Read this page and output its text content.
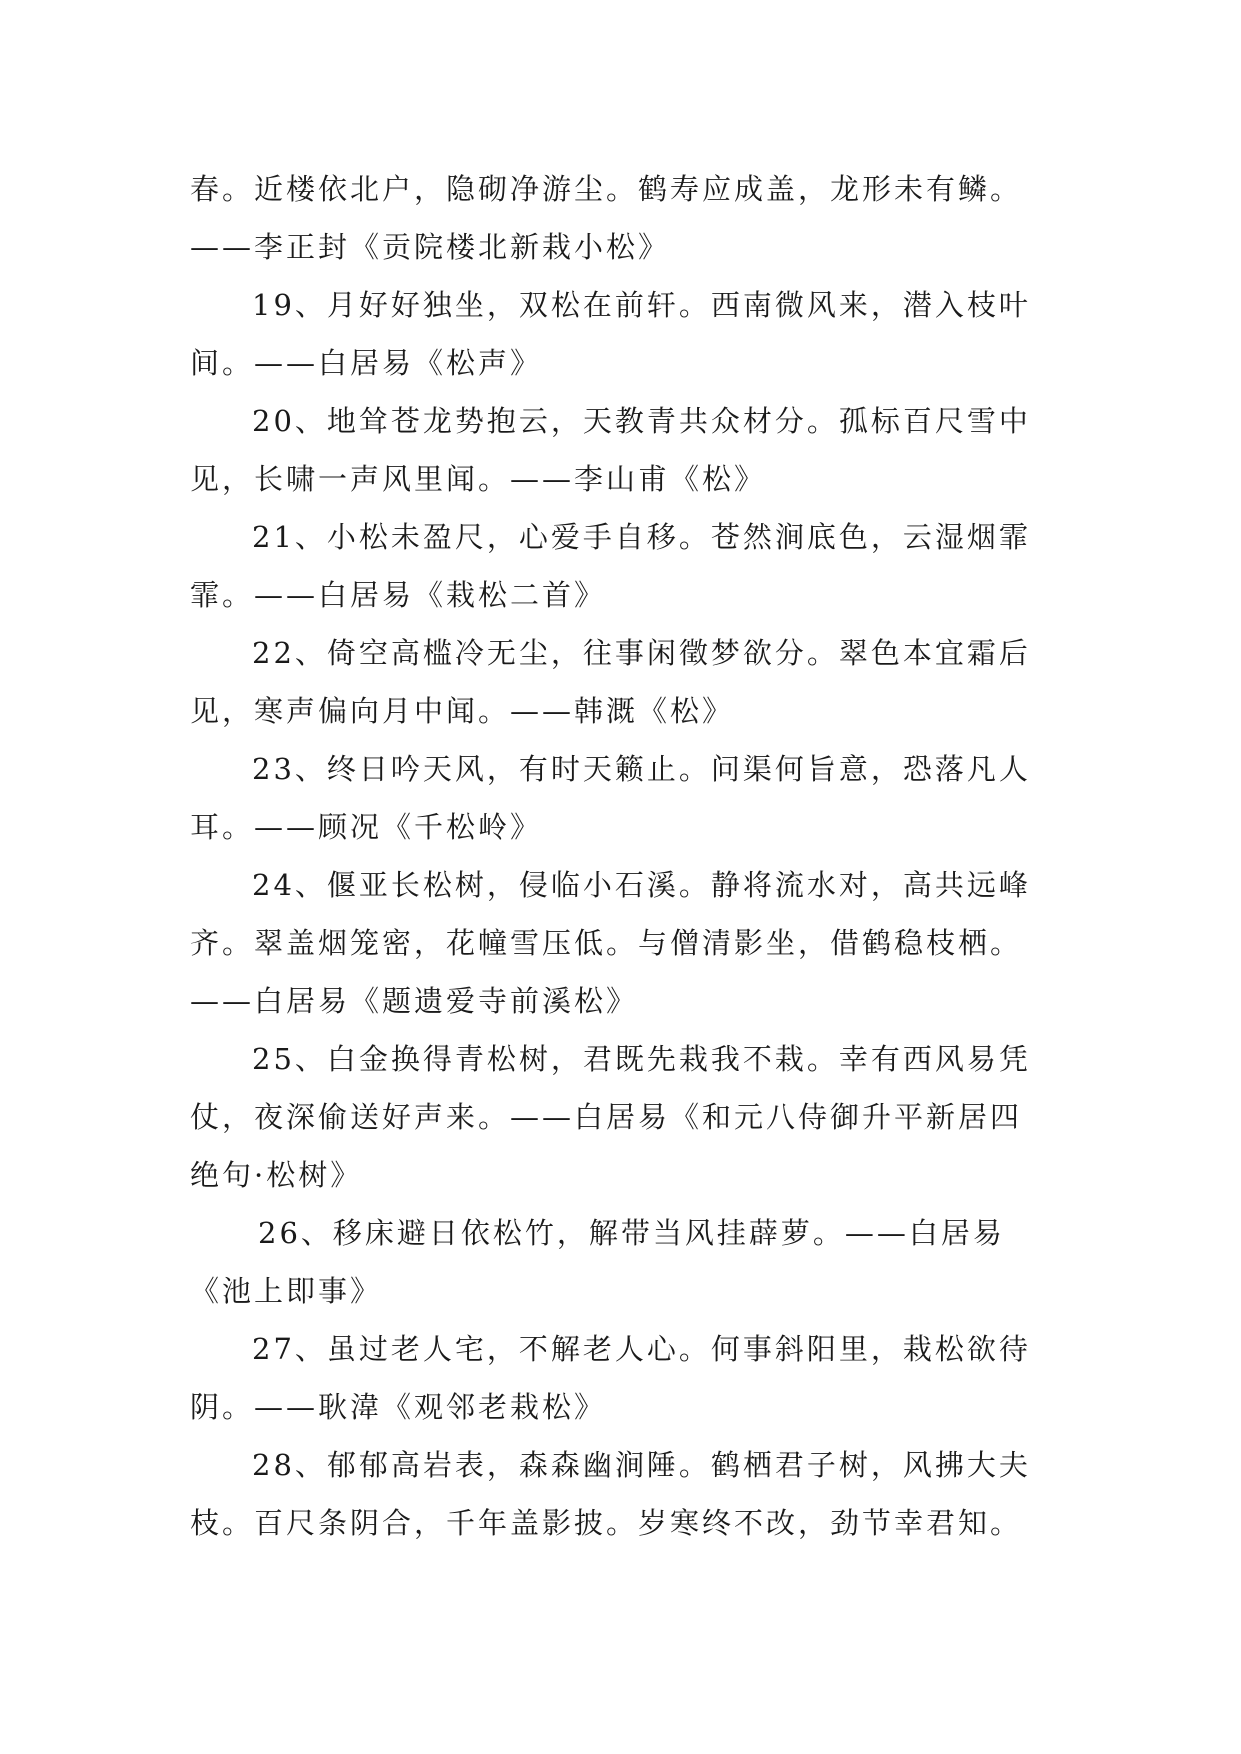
春。近楼依北户，隐砌净游尘。鹤寿应成盖，龙形未有鳞。
——李正封《贡院楼北新栽小松》
19、月好好独坐，双松在前轩。西南微风来，潜入枝叶
间。——白居易《松声》
20、地耸苍龙势抱云，天教青共众材分。孤标百尺雪中
见，长啸一声风里闻。——李山甫《松》
21、小松未盈尺，心爱手自移。苍然涧底色，云湿烟霏
霏。——白居易《栽松二首》
22、倚空高槛冷无尘，往事闲徵梦欲分。翠色本宜霜后
见，寒声偏向月中闻。——韩溉《松》
23、终日吟天风，有时天籁止。问渠何旨意，恐落凡人
耳。——顾况《千松岭》
24、偃亚长松树，侵临小石溪。静将流水对，高共远峰
齐。翠盖烟笼密，花幢雪压低。与僧清影坐，借鹤稳枝栖。
——白居易《题遗爱寺前溪松》
25、白金换得青松树，君既先栽我不栽。幸有西风易凭
仗，夜深偷送好声来。——白居易《和元八侍御升平新居四
绝句·松树》
26、移床避日依松竹，解带当风挂薜萝。——白居易
《池上即事》
27、虽过老人宅，不解老人心。何事斜阳里，栽松欲待
阴。——耿湋《观邻老栽松》
28、郁郁高岩表，森森幽涧陲。鹤栖君子树，风拂大夫
枝。百尺条阴合，千年盖影披。岁寒终不改，劲节幸君知。
